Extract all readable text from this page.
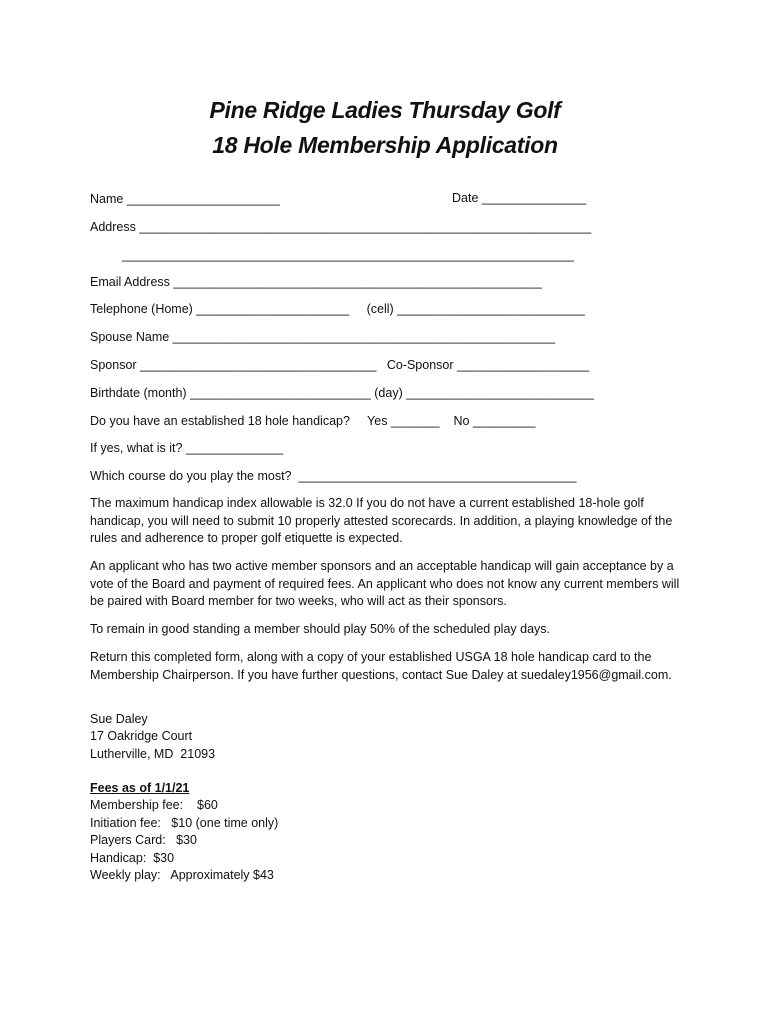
Pine Ridge Ladies Thursday Golf
18 Hole Membership Application
Name ______________________	Date _______________
Address _________________________________________________________________
_________________________________________________________________
Email Address _____________________________________________________
Telephone (Home) ______________________     (cell) ___________________________
Spouse Name _______________________________________________________
Sponsor __________________________________   Co-Sponsor ___________________
Birthdate (month) __________________________ (day) ___________________________
Do you have an established 18 hole handicap?     Yes _______    No _________
If yes, what is it? ______________
Which course do you play the most?  ________________________________________
The maximum handicap index allowable is 32.0 If you do not have a current established 18-hole golf handicap, you will need to submit 10 properly attested scorecards. In addition, a playing knowledge of the rules and adherence to proper golf etiquette is expected.
An applicant who has two active member sponsors and an acceptable handicap will gain acceptance by a vote of the Board and payment of required fees. An applicant who does not know any current members will be paired with Board member for two weeks, who will act as their sponsors.
To remain in good standing a member should play 50% of the scheduled play days.
Return this completed form, along with a copy of your established USGA 18 hole handicap card to the Membership Chairperson. If you have further questions, contact Sue Daley at suedaley1956@gmail.com.
Sue Daley
17 Oakridge Court
Lutherville, MD  21093
Fees as of 1/1/21
Membership fee:    $60
Initiation fee:   $10 (one time only)
Players Card:   $30
Handicap:  $30
Weekly play:   Approximately $43
